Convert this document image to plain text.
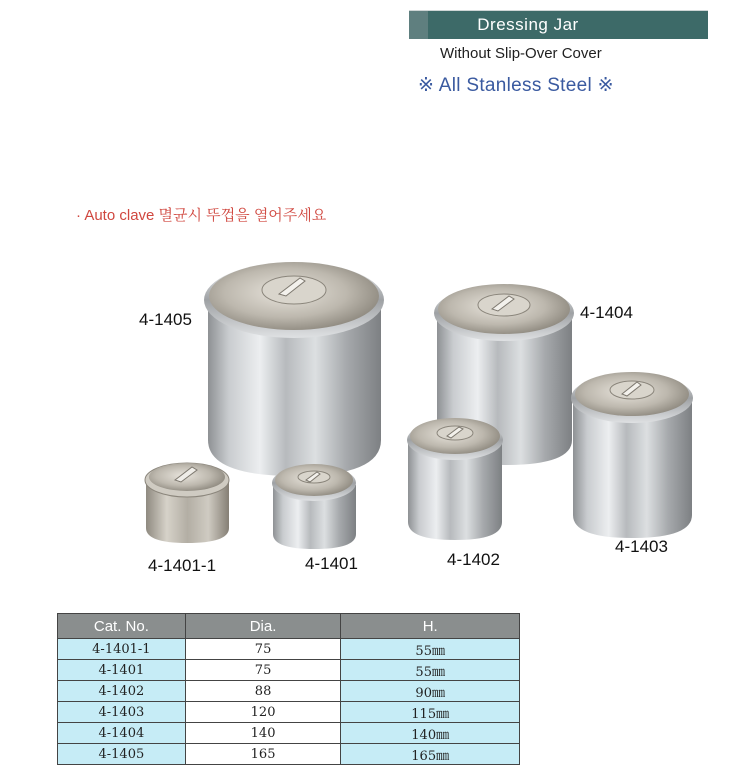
Dressing Jar
Without Slip-Over Cover
※ All Stanless Steel ※
· Auto clave 멸균시 뚜껍을 열어주세요
4-1405	4-1404
4-1403
4-1402
4-1401
4-1401-1
Cat. No.	Dia.	H.
4-1401-1	75	55㎜
4-1401	75	55㎜
4-1402	88	90㎜
4-1403	120	115㎜
4-1404	140	140㎜
4-1405	165	165㎜
